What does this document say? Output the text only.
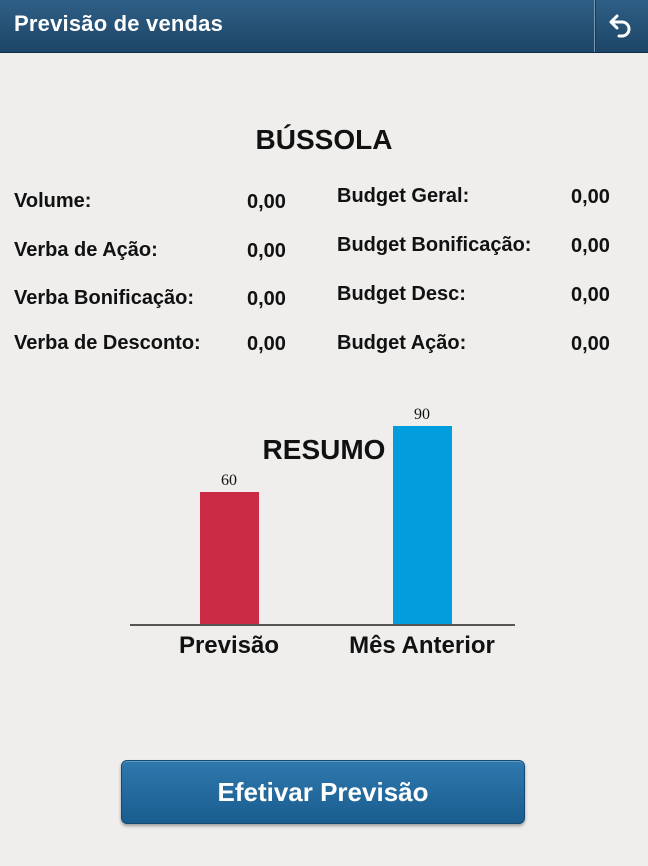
Previsão de vendas
BÚSSOLA
Volume:	0,00
Verba de Ação:	0,00
Verba Bonificação:	0,00
Verba de Desconto: 0,00
Budget Geral:	0,00
Budget Bonificação: 0,00
Budget Desc:	0,00
Budget Ação:	0,00
RESUMO
60
90
Previsão	Mês Anterior
Efetivar Previsão
